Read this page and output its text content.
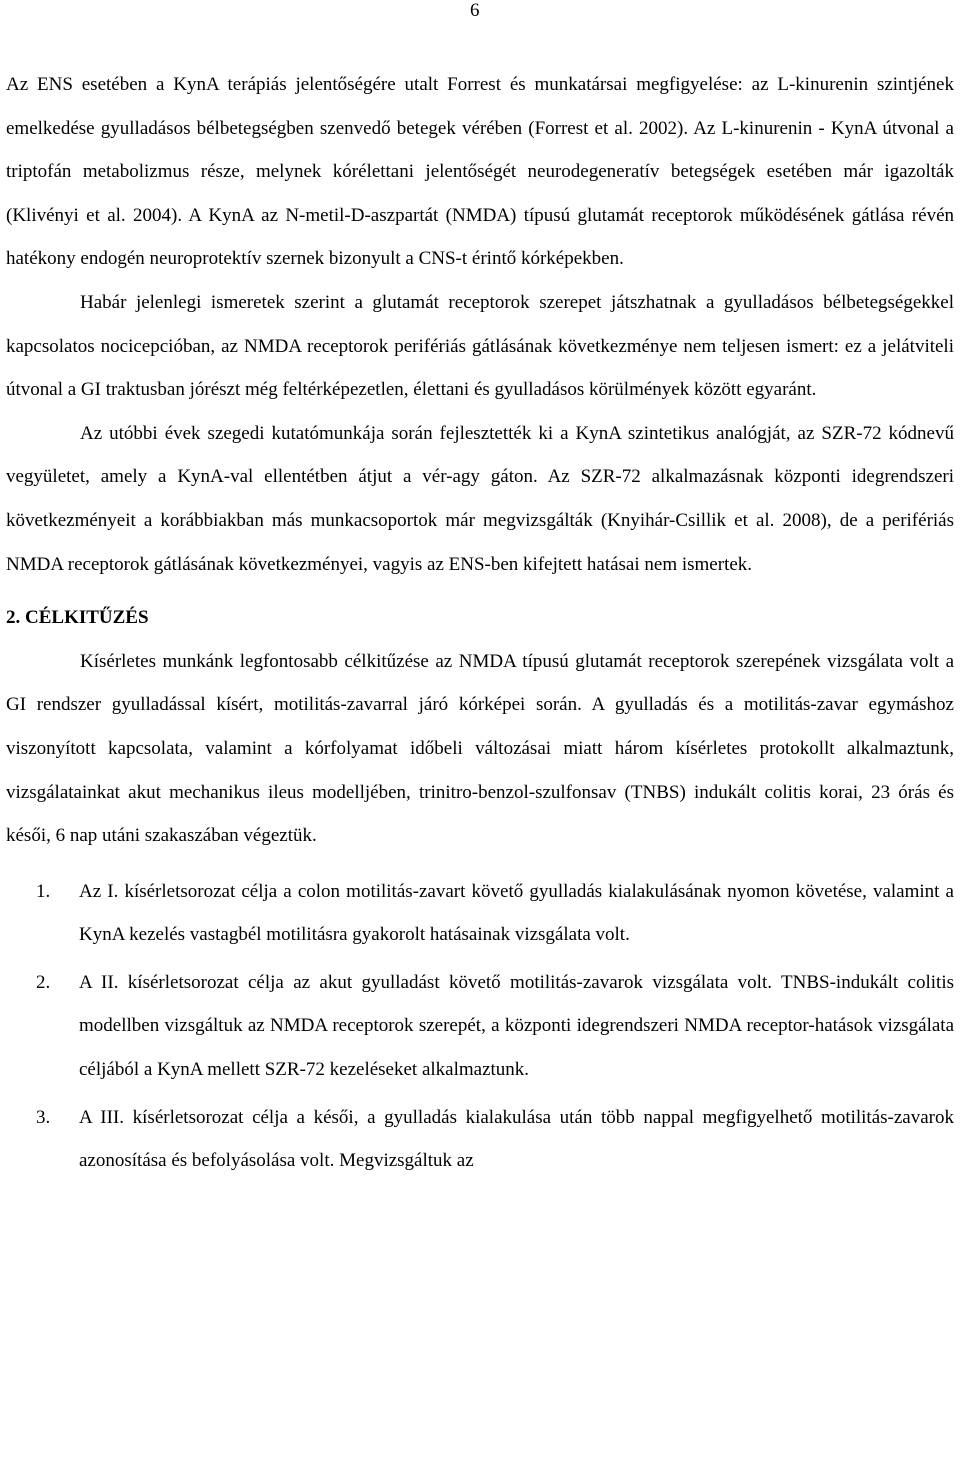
6

Az ENS esetében a KynA terápiás jelentőségére utalt Forrest és munkatársai megfigyelése: az L-kinurenin szintjének emelkedése gyulladásos bélbetegségben szenvedő betegek vérében (Forrest et al. 2002). Az L-kinurenin - KynA útvonal a triptofán metabolizmus része, melynek kórélettani jelentőségét neurodegeneratív betegségek esetében már igazolták (Klivényi et al. 2004). A KynA az N-metil-D-aszpartát (NMDA) típusú glutamát receptorok működésének gátlása révén hatékony endogén neuroprotektív szernek bizonyult a CNS-t érintő kórképekben.

Habár jelenlegi ismeretek szerint a glutamát receptorok szerepet játszhatnak a gyulladásos bélbetegségekkel kapcsolatos nocicepcióban, az NMDA receptorok perifériás gátlásának következménye nem teljesen ismert: ez a jelátviteli útvonal a GI traktusban jórészt még feltérképezetlen, élettani és gyulladásos körülmények között egyaránt.

Az utóbbi évek szegedi kutatómunkája során fejlesztették ki a KynA szintetikus analógját, az SZR-72 kódnevű vegyületet, amely a KynA-val ellentétben átjut a vér-agy gáton. Az SZR-72 alkalmazásnak központi idegrendszeri következményeit a korábbiakban más munkacsoportok már megvizsgálták (Knyihár-Csillik et al. 2008), de a perifériás NMDA receptorok gátlásának következményei, vagyis az ENS-ben kifejtett hatásai nem ismertek.

2. CÉLKITŰZÉS

Kísérletes munkánk legfontosabb célkitűzése az NMDA típusú glutamát receptorok szerepének vizsgálata volt a GI rendszer gyulladással kísért, motilitás-zavarral járó kórképei során. A gyulladás és a motilitás-zavar egymáshoz viszonyított kapcsolata, valamint a kórfolyamat időbeli változásai miatt három kísérletes protokollt alkalmaztunk, vizsgálatainkat akut mechanikus ileus modelljében, trinitro-benzol-szulfonsav (TNBS) indukált colitis korai, 23 órás és késői, 6 nap utáni szakaszában végeztük.

1. Az I. kísérletsorozat célja a colon motilitás-zavart követő gyulladás kialakulásának nyomon követése, valamint a KynA kezelés vastagbél motilitásra gyakorolt hatásainak vizsgálata volt.
2. A II. kísérletsorozat célja az akut gyulladást követő motilitás-zavarok vizsgálata volt. TNBS-indukált colitis modellben vizsgáltuk az NMDA receptorok szerepét, a központi idegrendszeri NMDA receptor-hatások vizsgálata céljából a KynA mellett SZR-72 kezeléseket alkalmaztunk.
3. A III. kísérletsorozat célja a késői, a gyulladás kialakulása után több nappal megfigyelhető motilitás-zavarok azonosítása és befolyásolása volt. Megvizsgáltuk az
